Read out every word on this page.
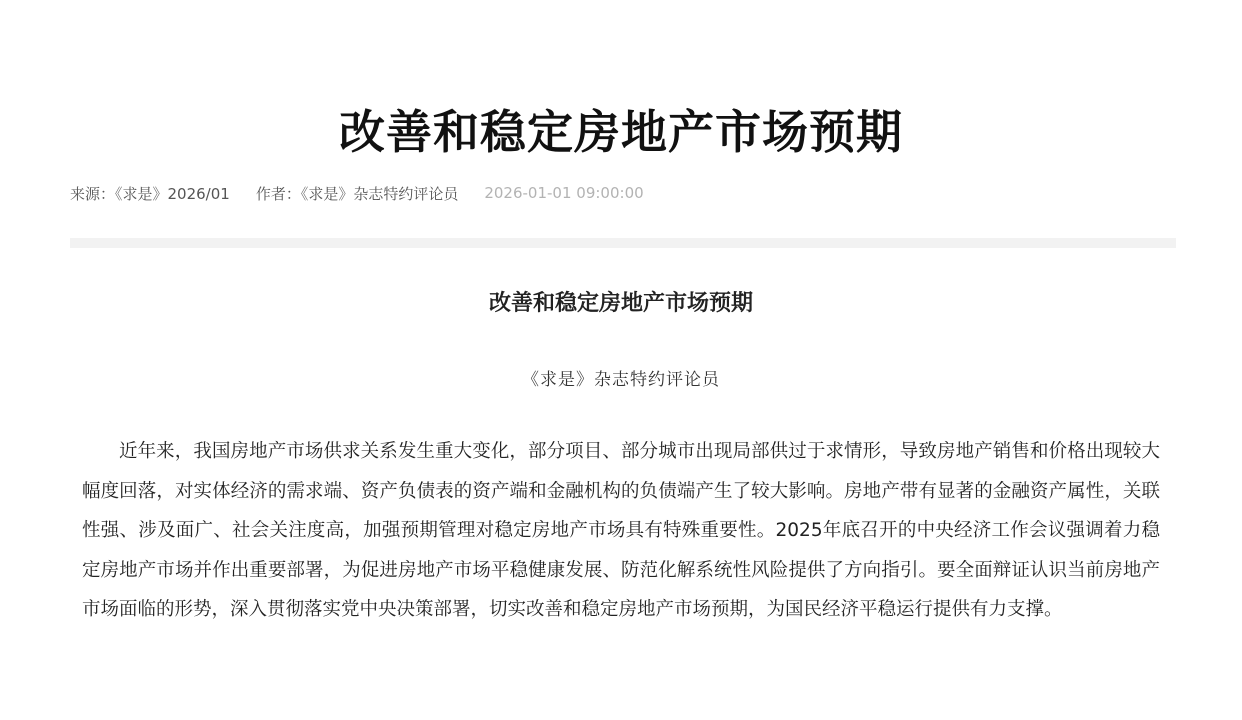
改善和稳定房地产市场预期
来源：《求是》2026/01 作者：《求是》杂志特约评论员 2026-01-01 09:00:00
改善和稳定房地产市场预期
《求是》杂志特约评论员

近年来，我国房地产市场供求关系发生重大变化，部分项目、部分城市出现局部供过于求情形，导致房地产销售和价格出现较大幅度回落，对实体经济的需求端、资产负债表的资产端和金融机构的负债端产生了较大影响。房地产带有显著的金融资产属性，关联性强、涉及面广、社会关注度高，加强预期管理对稳定房地产市场具有特殊重要性。2025年底召开的中央经济工作会议强调着力稳定房地产市场并作出重要部署，为促进房地产市场平稳健康发展、防范化解系统性风险提供了方向指引。要全面辩证认识当前房地产市场面临的形势，深入贯彻落实党中央决策部署，切实改善和稳定房地产市场预期，为国民经济平稳运行提供有力支撑。
